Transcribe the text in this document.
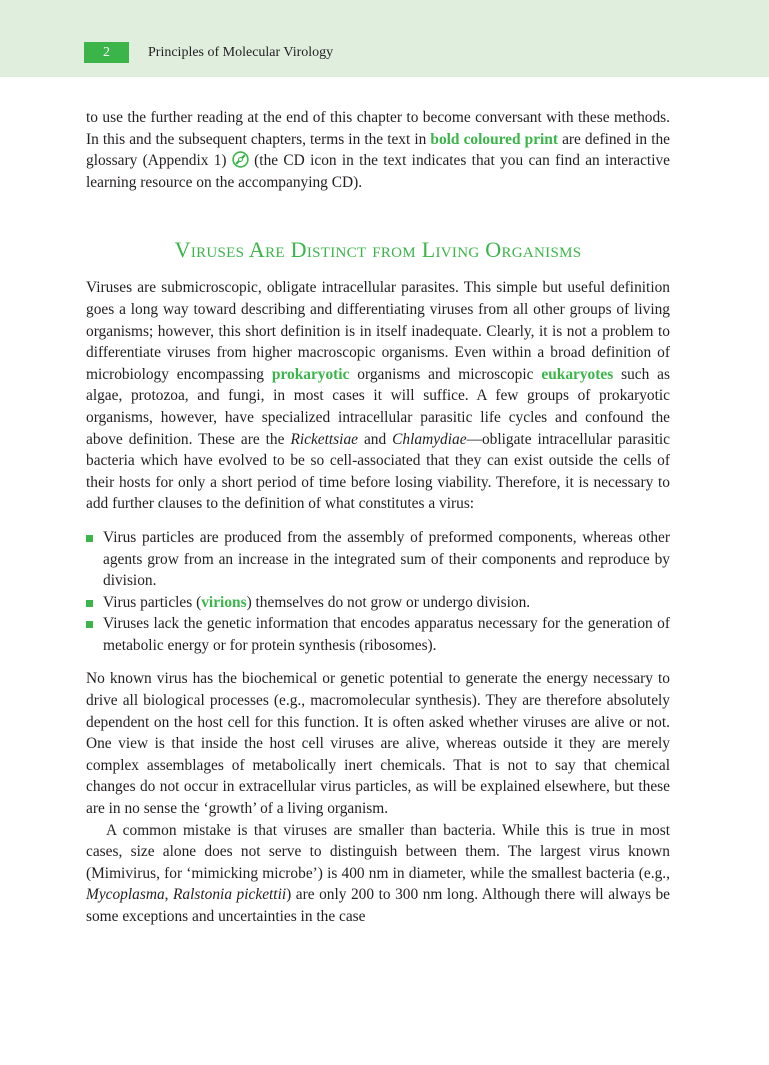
2	Principles of Molecular Virology

to use the further reading at the end of this chapter to become conversant with these methods. In this and the subsequent chapters, terms in the text in bold coloured print are defined in the glossary (Appendix 1)  (the CD icon in the text indicates that you can find an interactive learning resource on the accompanying CD).

Viruses Are Distinct from Living Organisms

Viruses are submicroscopic, obligate intracellular parasites. This simple but useful definition goes a long way toward describing and differentiating viruses from all other groups of living organisms; however, this short definition is in itself inadequate. Clearly, it is not a problem to differentiate viruses from higher macroscopic organisms. Even within a broad definition of microbiology encompassing prokaryotic organisms and microscopic eukaryotes such as algae, protozoa, and fungi, in most cases it will suffice. A few groups of prokaryotic organisms, however, have specialized intracellular parasitic life cycles and confound the above definition. These are the Rickettsiae and Chlamydiae—obligate intracellular parasitic bacteria which have evolved to be so cell-associated that they can exist outside the cells of their hosts for only a short period of time before losing viability. Therefore, it is necessary to add further clauses to the definition of what constitutes a virus:

Virus particles are produced from the assembly of preformed components, whereas other agents grow from an increase in the integrated sum of their components and reproduce by division.
Virus particles (virions) themselves do not grow or undergo division.
Viruses lack the genetic information that encodes apparatus necessary for the generation of metabolic energy or for protein synthesis (ribosomes).

No known virus has the biochemical or genetic potential to generate the energy necessary to drive all biological processes (e.g., macromolecular synthesis). They are therefore absolutely dependent on the host cell for this function. It is often asked whether viruses are alive or not. One view is that inside the host cell viruses are alive, whereas outside it they are merely complex assemblages of metabolically inert chemicals. That is not to say that chemical changes do not occur in extracellular virus particles, as will be explained elsewhere, but these are in no sense the ‘growth’ of a living organism.

A common mistake is that viruses are smaller than bacteria. While this is true in most cases, size alone does not serve to distinguish between them. The largest virus known (Mimivirus, for ‘mimicking microbe’) is 400 nm in diameter, while the smallest bacteria (e.g., Mycoplasma, Ralstonia pickettii) are only 200 to 300 nm long. Although there will always be some exceptions and uncertainties in the case
